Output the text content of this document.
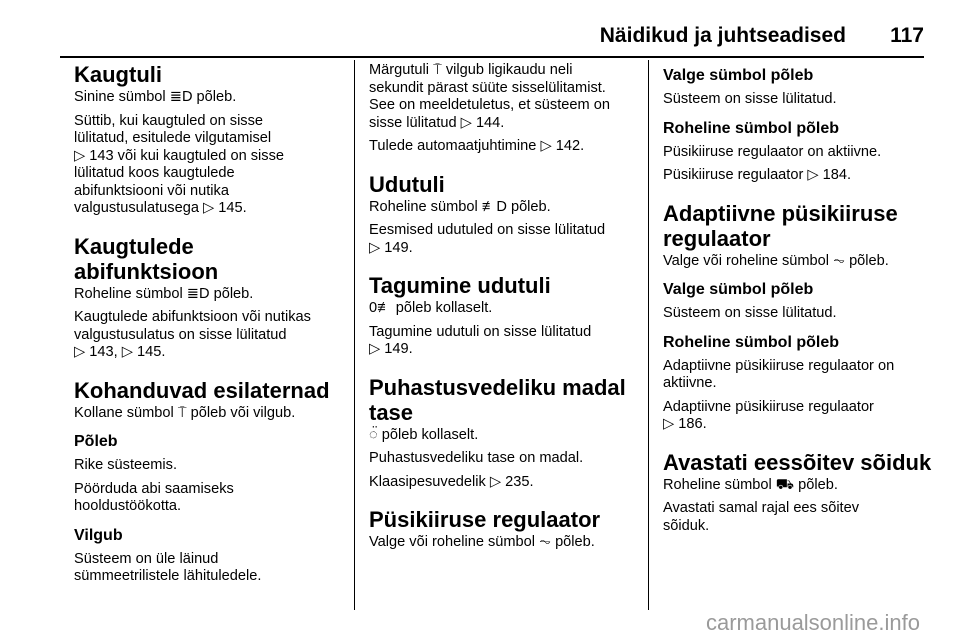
Näidikud ja juhtseadised 117
Kaugtuli
Sinine sümbol ≣D põleb.
Süttib, kui kaugtuled on sisse
lülitatud, esitulede vilgutamisel
▷ 143 või kui kaugtuled on sisse
lülitatud koos kaugtulede
abifunktsiooni või nutika
valgustusulatusega ▷ 145.
Kaugtulede abifunktsioon
Roheline sümbol ≣D põleb.
Kaugtulede abifunktsioon või nutikas
valgustusulatus on sisse lülitatud
▷ 143, ▷ 145.
Kohanduvad esilaternad
Kollane sümbol ⍑ põleb või vilgub.
Põleb
Rike süsteemis.
Pöörduda abi saamiseks
hooldustöökotta.
Vilgub
Süsteem on üle läinud
sümmeetrilistele lähituledele.
Märgutuli ⍑ vilgub ligikaudu neli
sekundit pärast süüte sisselülitamist.
See on meeldetuletus, et süsteem on
sisse lülitatud ▷ 144.
Tulede automaatjuhtimine ▷ 142.
Udutuli
Roheline sümbol ≢D põleb.
Eesmised udutuled on sisse lülitatud
▷ 149.
Tagumine udutuli
0≢ põleb kollaselt.
Tagumine udutuli on sisse lülitatud
▷ 149.
Puhastusvedeliku madal
tase
◌̈ põleb kollaselt.
Puhastusvedeliku tase on madal.
Klaasipesuvedelik ▷ 235.
Püsikiiruse regulaator
Valge või roheline sümbol ⏦ põleb.
Valge sümbol põleb
Süsteem on sisse lülitatud.
Roheline sümbol põleb
Püsikiiruse regulaator on aktiivne.
Püsikiiruse regulaator ▷ 184.
Adaptiivne püsikiiruse
regulaator
Valge või roheline sümbol ⏦ põleb.
Valge sümbol põleb
Süsteem on sisse lülitatud.
Roheline sümbol põleb
Adaptiivne püsikiiruse regulaator on
aktiivne.
Adaptiivne püsikiiruse regulaator
▷ 186.
Avastati eessõitev sõiduk
Roheline sümbol ⛟ põleb.
Avastati samal rajal ees sõitev
sõiduk.
carmanualsonline.info
